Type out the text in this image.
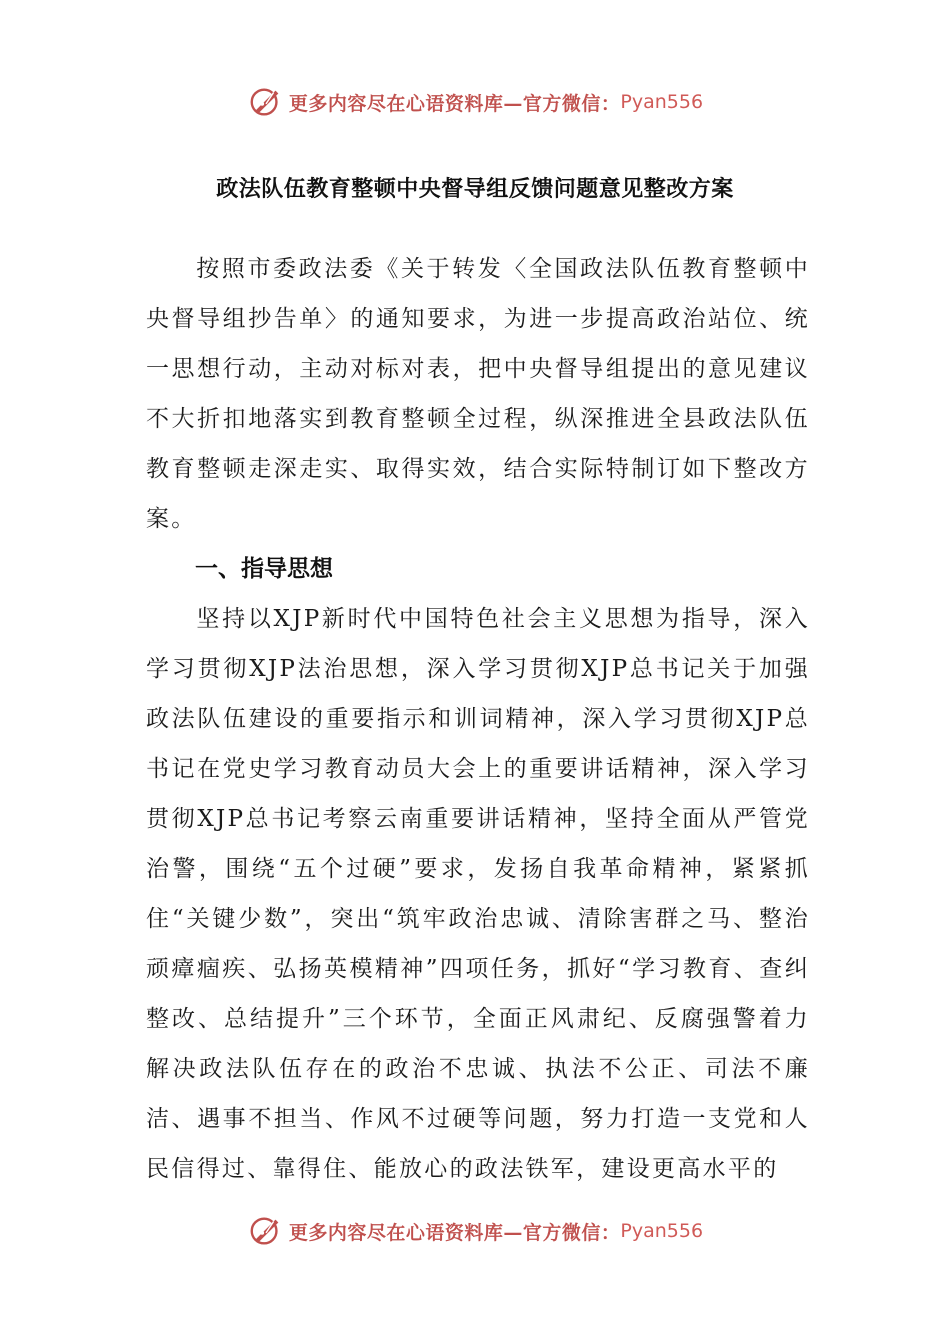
更多内容尽在心语资料库—官方微信： Pyan556
政法队伍教育整顿中央督导组反馈问题意见整改方案
按照市委政法委《关于转发〈全国政法队伍教育整顿中央督导组抄告单〉的通知要求，为进一步提高政治站位、统一思想行动，主动对标对表，把中央督导组提出的意见建议不大折扣地落实到教育整顿全过程，纵深推进全县政法队伍教育整顿走深走实、取得实效，结合实际特制订如下整改方案。
一、指导思想
坚持以XJP新时代中国特色社会主义思想为指导，深入学习贯彻XJP法治思想，深入学习贯彻XJP总书记关于加强政法队伍建设的重要指示和训词精神，深入学习贯彻XJP总书记在党史学习教育动员大会上的重要讲话精神，深入学习贯彻XJP总书记考察云南重要讲话精神，坚持全面从严管党治警，围绕“五个过硬”要求，发扬自我革命精神，紧紧抓住“关键少数”，突出“筑牢政治忠诚、清除害群之马、整治顽瘴痼疾、弘扬英模精神”四项任务，抓好“学习教育、查纠整改、总结提升”三个环节，全面正风肃纪、反腐强警着力解决政法队伍存在的政治不忠诚、执法不公正、司法不廉洁、遇事不担当、作风不过硬等问题，努力打造一支党和人民信得过、靠得住、能放心的政法铁军，建设更高水平的
更多内容尽在心语资料库—官方微信： Pyan556
